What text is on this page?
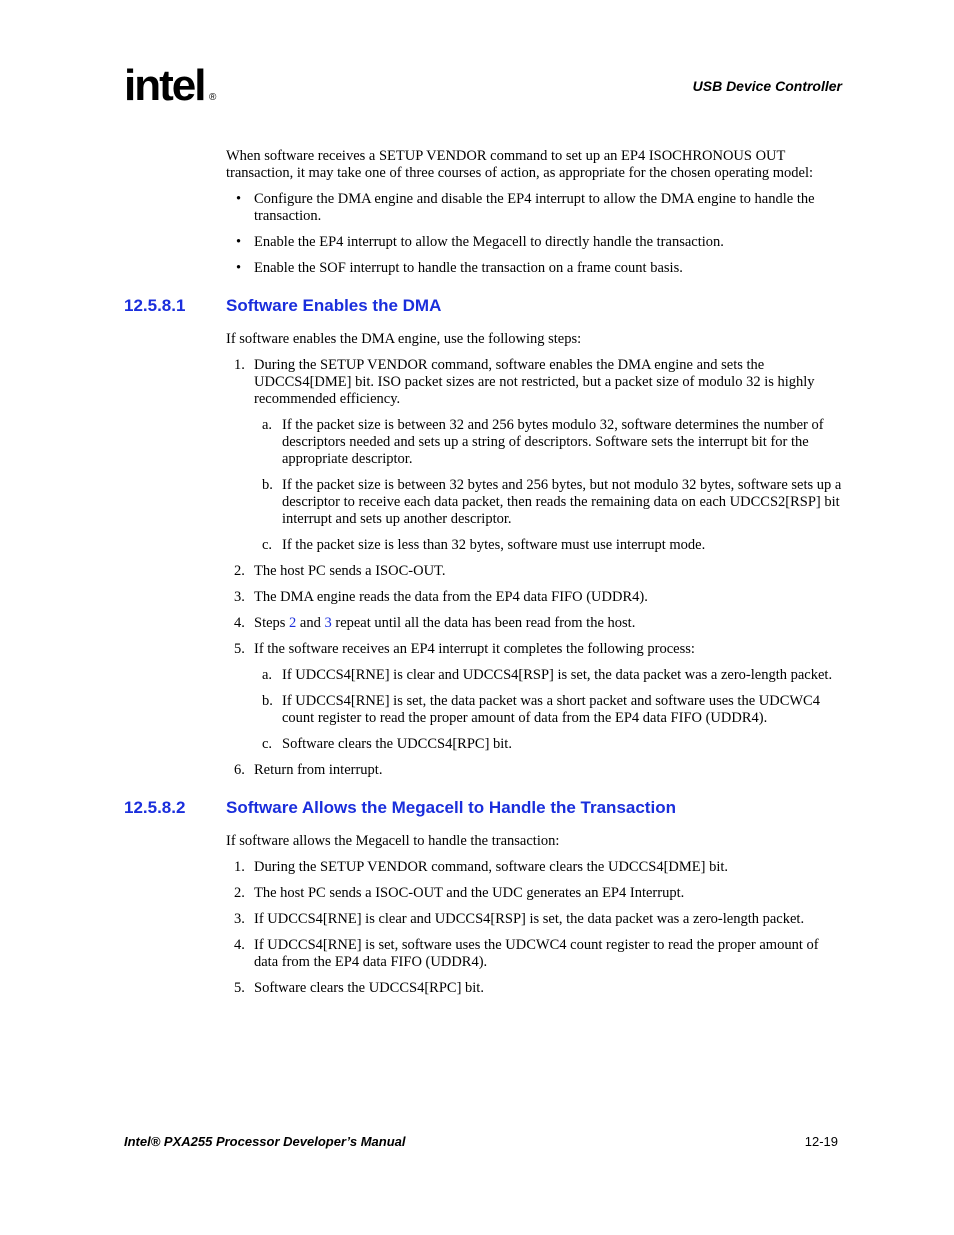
intel ®
USB Device Controller

When software receives a SETUP VENDOR command to set up an EP4 ISOCHRONOUS OUT transaction, it may take one of three courses of action, as appropriate for the chosen operating model:

• Configure the DMA engine and disable the EP4 interrupt to allow the DMA engine to handle the transaction.
• Enable the EP4 interrupt to allow the Megacell to directly handle the transaction.
• Enable the SOF interrupt to handle the transaction on a frame count basis.
12.5.8.1 Software Enables the DMA

If software enables the DMA engine, use the following steps:

1. During the SETUP VENDOR command, software enables the DMA engine and sets the UDCCS4[DME] bit. ISO packet sizes are not restricted, but a packet size of modulo 32 is highly recommended efficiency.
a. If the packet size is between 32 and 256 bytes modulo 32, software determines the number of descriptors needed and sets up a string of descriptors. Software sets the interrupt bit for the appropriate descriptor.
b. If the packet size is between 32 bytes and 256 bytes, but not modulo 32 bytes, software sets up a descriptor to receive each data packet, then reads the remaining data on each UDCCS2[RSP] bit interrupt and sets up another descriptor.
c. If the packet size is less than 32 bytes, software must use interrupt mode.
2. The host PC sends a ISOC-OUT.
3. The DMA engine reads the data from the EP4 data FIFO (UDDR4).
4. Steps 2 and 3 repeat until all the data has been read from the host.
5. If the software receives an EP4 interrupt it completes the following process:
a. If UDCCS4[RNE] is clear and UDCCS4[RSP] is set, the data packet was a zero-length packet.
b. If UDCCS4[RNE] is set, the data packet was a short packet and software uses the UDCWC4 count register to read the proper amount of data from the EP4 data FIFO (UDDR4).
c. Software clears the UDCCS4[RPC] bit.
6. Return from interrupt.
12.5.8.2 Software Allows the Megacell to Handle the Transaction

If software allows the Megacell to handle the transaction:

1. During the SETUP VENDOR command, software clears the UDCCS4[DME] bit.
2. The host PC sends a ISOC-OUT and the UDC generates an EP4 Interrupt.
3. If UDCCS4[RNE] is clear and UDCCS4[RSP] is set, the data packet was a zero-length packet.
4. If UDCCS4[RNE] is set, software uses the UDCWC4 count register to read the proper amount of data from the EP4 data FIFO (UDDR4).
5. Software clears the UDCCS4[RPC] bit.
Intel® PXA255 Processor Developer’s Manual	12-19
